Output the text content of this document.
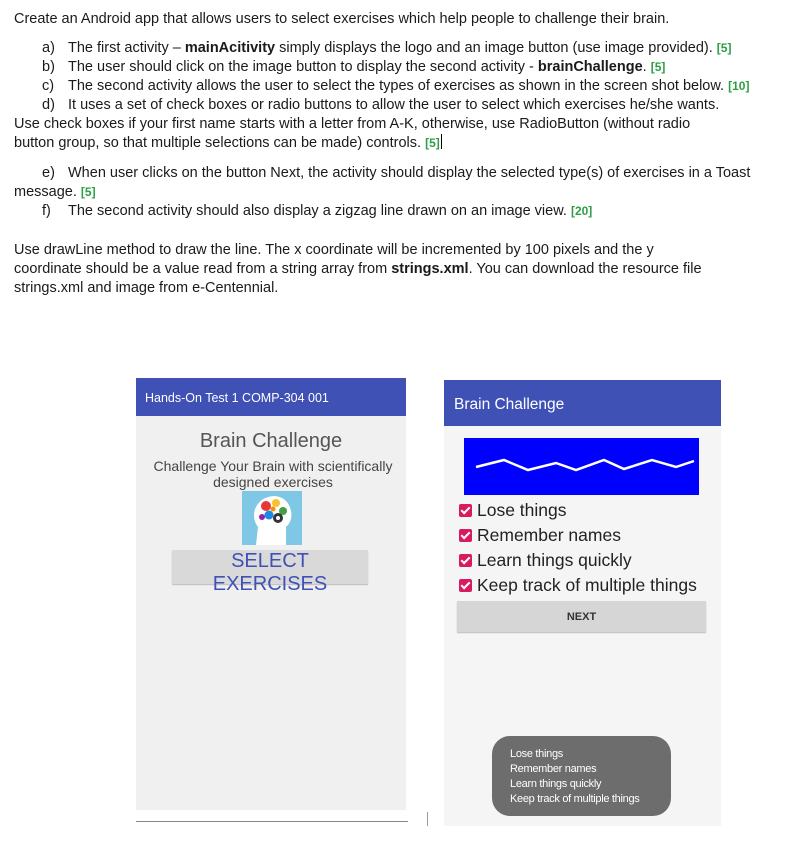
Create an Android app that allows users to select exercises which help people to challenge their brain.

a) The first activity – mainAcitivity simply displays the logo and an image button (use image provided). [5]

b) The user should click on the image button to display the second activity - brainChallenge. [5]

c) The second activity allows the user to select the types of exercises as shown in the screen shot below. [10]

d) It uses a set of check boxes or radio buttons to allow the user to select which exercises he/she wants.

Use check boxes if your first name starts with a letter from A-K, otherwise, use RadioButton (without radio

button group, so that multiple selections can be made) controls. [5]

e) When user clicks on the button Next, the activity should display the selected type(s) of exercises in a Toast

message. [5]

f) The second activity should also display a zigzag line drawn on an image view. [20]

Use drawLine method to draw the line. The x coordinate will be incremented by 100 pixels and the y

coordinate should be a value read from a string array from strings.xml. You can download the resource file

strings.xml and image from e-Centennial.

Hands-On Test 1 COMP-304 001
Brain Challenge
Challenge Your Brain with scientifically designed exercises
SELECT EXERCISES
Brain Challenge
Lose things
Remember names
Learn things quickly
Keep track of multiple things
NEXT
Lose things
Remember names
Learn things quickly
Keep track of multiple things
